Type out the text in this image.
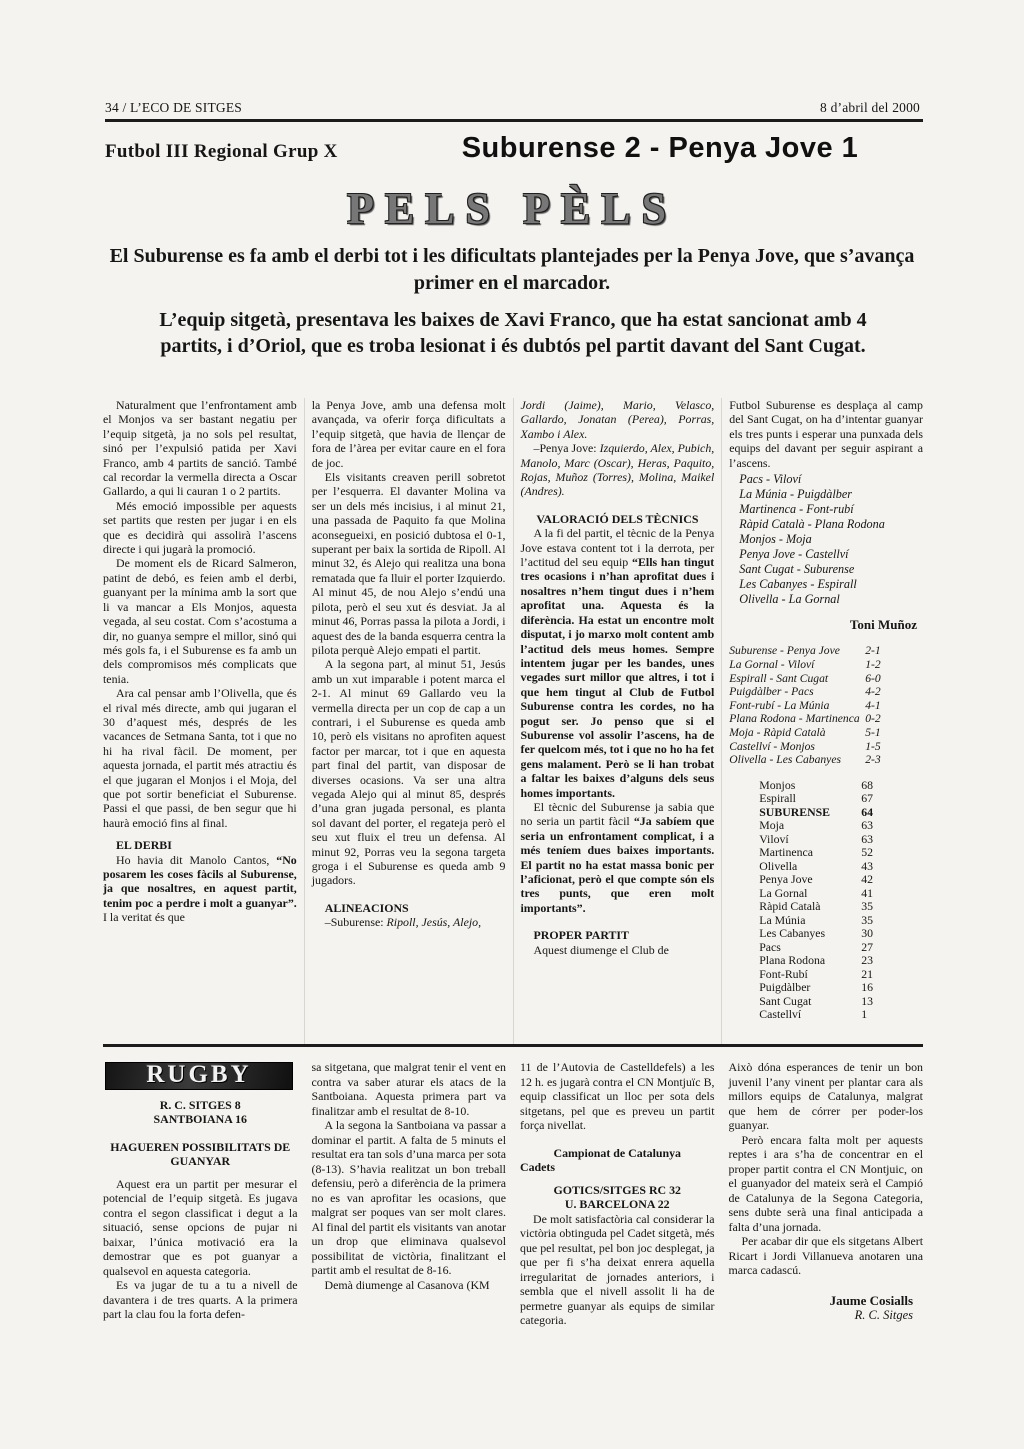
34 / L’ECO DE SITGES	8 d’abril del 2000
Futbol III Regional Grup X	Suburense 2 - Penya Jove 1
PELS PÈLS
El Suburense es fa amb el derbi tot i les dificultats plantejades per la Penya Jove, que s’avança primer en el marcador.
L’equip sitgetà, presentava les baixes de Xavi Franco, que ha estat sancionat amb 4 partits, i d’Oriol, que es troba lesionat i és dubtós pel partit davant del Sant Cugat.

Naturalment que l’enfrontament amb el Monjos va ser bastant negatiu per l’equip sitgetà, ja no sols pel resultat, sinó per l’expulsió patida per Xavi Franco, amb 4 partits de sanció. També cal recordar la vermella directa a Oscar Gallardo, a qui li cauran 1 o 2 partits.

Més emoció impossible per aquests set partits que resten per jugar i en els que es decidirà qui assolirà l’ascens directe i qui jugarà la promoció.

De moment els de Ricard Salmeron, patint de debó, es feien amb el derbi, guanyant per la mínima amb la sort que li va mancar a Els Monjos, aquesta vegada, al seu costat. Com s’acostuma a dir, no guanya sempre el millor, sinó qui més gols fa, i el Suburense es fa amb un dels compromisos més complicats que tenia.

Ara cal pensar amb l’Olivella, que és el rival més directe, amb qui jugaran el 30 d’aquest més, després de les vacances de Setmana Santa, tot i que no hi ha rival fàcil. De moment, per aquesta jornada, el partit més atractiu és el que jugaran el Monjos i el Moja, del que pot sortir beneficiat el Suburense. Passi el que passi, de ben segur que hi haurà emoció fins al final.

EL DERBI

Ho havia dit Manolo Cantos, “No posarem les coses fàcils al Suburense, ja que nosaltres, en aquest partit, tenim poc a perdre i molt a guanyar”. I la veritat és que

la Penya Jove, amb una defensa molt avançada, va oferir força dificultats a l’equip sitgetà, que havia de llençar de fora de l’àrea per evitar caure en el fora de joc.

Els visitants creaven perill sobretot per l’esquerra. El davanter Molina va ser un dels més incisius, i al minut 21, una passada de Paquito fa que Molina aconsegueixi, en posició dubtosa el 0-1, superant per baix la sortida de Ripoll. Al minut 32, és Alejo qui realitza una bona rematada que fa lluir el porter Izquierdo. Al minut 45, de nou Alejo s’endú una pilota, però el seu xut és desviat. Ja al minut 46, Porras passa la pilota a Jordi, i aquest des de la banda esquerra centra la pilota perquè Alejo empati el partit.

A la segona part, al minut 51, Jesús amb un xut imparable i potent marca el 2-1. Al minut 69 Gallardo veu la vermella directa per un cop de cap a un contrari, i el Suburense es queda amb 10, però els visitans no aprofiten aquest factor per marcar, tot i que en aquesta part final del partit, van disposar de diverses ocasions. Va ser una altra vegada Alejo qui al minut 85, després d’una gran jugada personal, es planta sol davant del porter, el regateja però el seu xut fluix el treu un defensa. Al minut 92, Porras veu la segona targeta groga i el Suburense es queda amb 9 jugadors.

ALINEACIONS

–Suburense: Ripoll, Jesús, Alejo,

Jordi (Jaime), Mario, Velasco, Gallardo, Jonatan (Perea), Porras, Xambo i Alex.

–Penya Jove: Izquierdo, Alex, Pubich, Manolo, Marc (Oscar), Heras, Paquito, Rojas, Muñoz (Torres), Molina, Maikel (Andres).

VALORACIÓ DELS TÈCNICS

A la fi del partit, el tècnic de la Penya Jove estava content tot i la derrota, per l’actitud del seu equip “Ells han tingut tres ocasions i n’han aprofitat dues i nosaltres n’hem tingut dues i n’hem aprofitat una. Aquesta és la diferència. Ha estat un encontre molt disputat, i jo marxo molt content amb l’actitud dels meus homes. Sempre intentem jugar per les bandes, unes vegades surt millor que altres, i tot i que hem tingut al Club de Futbol Suburense contra les cordes, no ha pogut ser. Jo penso que si el Suburense vol assolir l’ascens, ha de fer quelcom més, tot i que no ho ha fet gens malament. Però se li han trobat a faltar les baixes d’alguns dels seus homes importants.

El tècnic del Suburense ja sabia que no seria un partit fàcil “Ja sabíem que seria un enfrontament complicat, i a més teníem dues baixes importants. El partit no ha estat massa bonic per l’aficionat, però el que compte són els tres punts, que eren molt importants”.

PROPER PARTIT

Aquest diumenge el Club de

Futbol Suburense es desplaça al camp del Sant Cugat, on ha d’intentar guanyar els tres punts i esperar una punxada dels equips del davant per seguir aspirant a l’ascens.

Pacs - Viloví
La Múnia - Puigdàlber
Martinenca - Font-rubí
Ràpid Català - Plana Rodona
Monjos - Moja
Penya Jove - Castellví
Sant Cugat - Suburense
Les Cabanyes - Espirall
Olivella - La Gornal
Toni Muñoz
Suburense - Penya Jove	2-1
La Gornal - Viloví	1-2
Espirall - Sant Cugat	6-0
Puigdàlber - Pacs	4-2
Font-rubí - La Múnia	4-1
Plana Rodona - Martinenca 0-2
Moja - Ràpid Català	5-1
Castellví - Monjos	1-5
Olivella - Les Cabanyes	2-3
Monjos	68
Espirall	67
SUBURENSE	64
Moja	63
Viloví	63
Martinenca	52
Olivella	43
Penya Jove	42
La Gornal	41
Ràpid Català	35
La Múnia	35
Les Cabanyes	30
Pacs	27
Plana Rodona	23
Font-Rubí	21
Puigdàlber	16
Sant Cugat	13
Castellví	1
RUGBY

R. C. SITGES 8

SANTBOIANA 16

HAGUEREN POSSIBILITATS DE GUANYAR

Aquest era un partit per mesurar el potencial de l’equip sitgetà. Es jugava contra el segon classificat i degut a la situació, sense opcions de pujar ni baixar, l’única motivació era la demostrar que es pot guanyar a qualsevol en aquesta categoria.

Es va jugar de tu a tu a nivell de davantera i de tres quarts. A la primera part la clau fou la forta defen-

sa sitgetana, que malgrat tenir el vent en contra va saber aturar els atacs de la Santboiana. Aquesta primera part va finalitzar amb el resultat de 8-10.

A la segona la Santboiana va passar a dominar el partit. A falta de 5 minuts el resultat era tan sols d’una marca per sota (8-13). S’havia realitzat un bon treball defensiu, però a diferència de la primera no es van aprofitar les ocasions, que malgrat ser poques van ser molt clares. Al final del partit els visitants van anotar un drop que eliminava qualsevol possibilitat de victòria, finalitzant el partit amb el resultat de 8-16.

Demà diumenge al Casanova (KM

11 de l’Autovia de Castelldefels) a les 12 h. es jugarà contra el CN Montjuïc B, equip classificat un lloc per sota dels sitgetans, pel que es preveu un partit força nivellat.

Campionat de Catalunya

Cadets

GOTICS/SITGES RC 32

U. BARCELONA 22

De molt satisfactòria cal considerar la victòria obtinguda pel Cadet sitgetà, més que pel resultat, pel bon joc desplegat, ja que per fi s’ha deixat enrera aquella irregularitat de jornades anteriors, i sembla que el nivell assolit li ha de permetre guanyar als equips de similar categoria.

Això dóna esperances de tenir un bon juvenil l’any vinent per plantar cara als millors equips de Catalunya, malgrat que hem de córrer per poder-los guanyar.

Però encara falta molt per aquests reptes i ara s’ha de concentrar en el proper partit contra el CN Montjuic, on el guanyador del mateix serà el Campió de Catalunya de la Segona Categoria, sens dubte serà una final anticipada a falta d’una jornada.

Per acabar dir que els sitgetans Albert Ricart i Jordi Villanueva anotaren una marca cadascú.

Jaume Cosialls
R. C. Sitges
